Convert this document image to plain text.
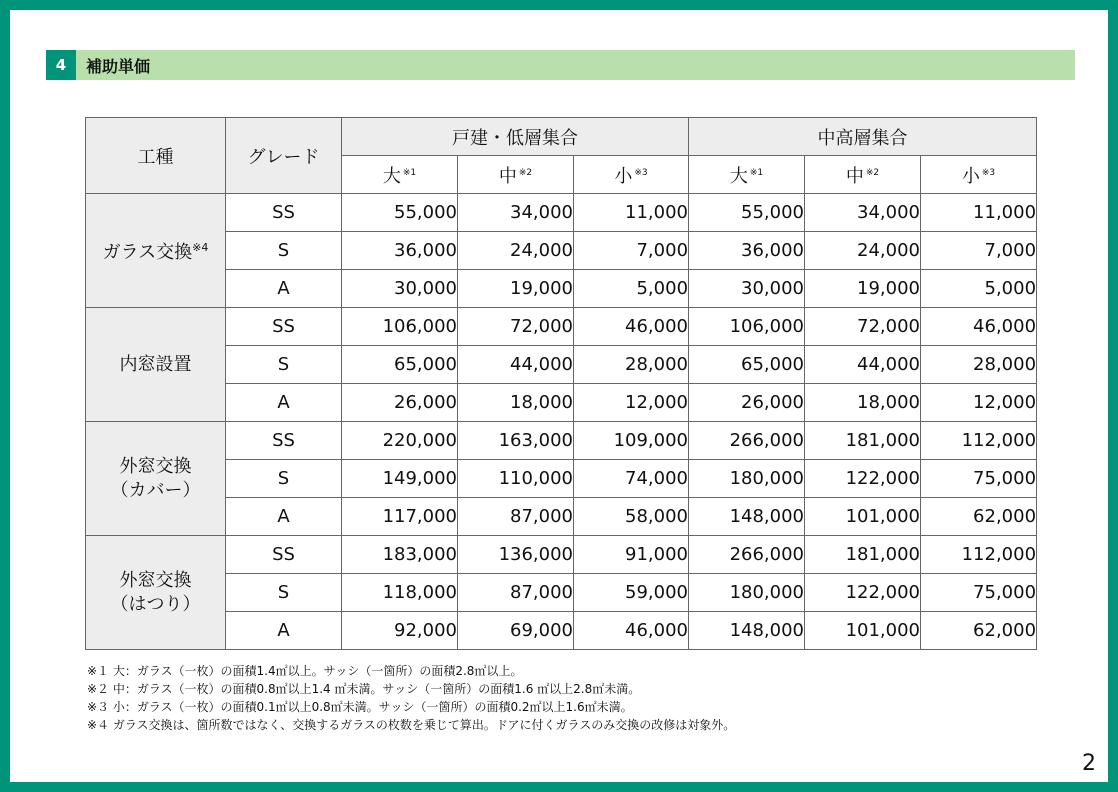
4	補助単価
工種	グレード	戸建・低層集合			中高層集合		
		大 $^{※1}$	中 $^{※2}$	小 $^{※3}$	大 $^{※1}$	中 $^{※2}$	小 $^{※3}$
ガラス交換$^{※4}$	SS	55,000	34,000	11,000	55,000	34,000	11,000
	S	36,000	24,000	7,000	36,000	24,000	7,000
	A	30,000	19,000	5,000	30,000	19,000	5,000
内窓設置	SS	106,000	72,000	46,000	106,000	72,000	46,000
	S	65,000	44,000	28,000	65,000	44,000	28,000
	A	26,000	18,000	12,000	26,000	18,000	12,000
外窓交換
（カバー）	SS	220,000	163,000	109,000	266,000	181,000	112,000
	S	149,000	110,000	74,000	180,000	122,000	75,000
	A	117,000	87,000	58,000	148,000	101,000	62,000
外窓交換
（はつり）	SS	183,000	136,000	91,000	266,000	181,000	112,000
	S	118,000	87,000	59,000	180,000	122,000	75,000
	A	92,000	69,000	46,000	148,000	101,000	62,000
※１ 大：ガラス（一枚）の面積1.4㎡以上。サッシ（一箇所）の面積2.8㎡以上。
※２ 中：ガラス（一枚）の面積0.8㎡以上1.4 ㎡未満。サッシ（一箇所）の面積1.6 ㎡以上2.8㎡未満。
※３ 小：ガラス（一枚）の面積0.1㎡以上0.8㎡未満。サッシ（一箇所）の面積0.2㎡以上1.6㎡未満。
※４ ガラス交換は、箇所数ではなく、交換するガラスの枚数を乗じて算出。ドアに付くガラスのみ交換の改修は対象外。
2
